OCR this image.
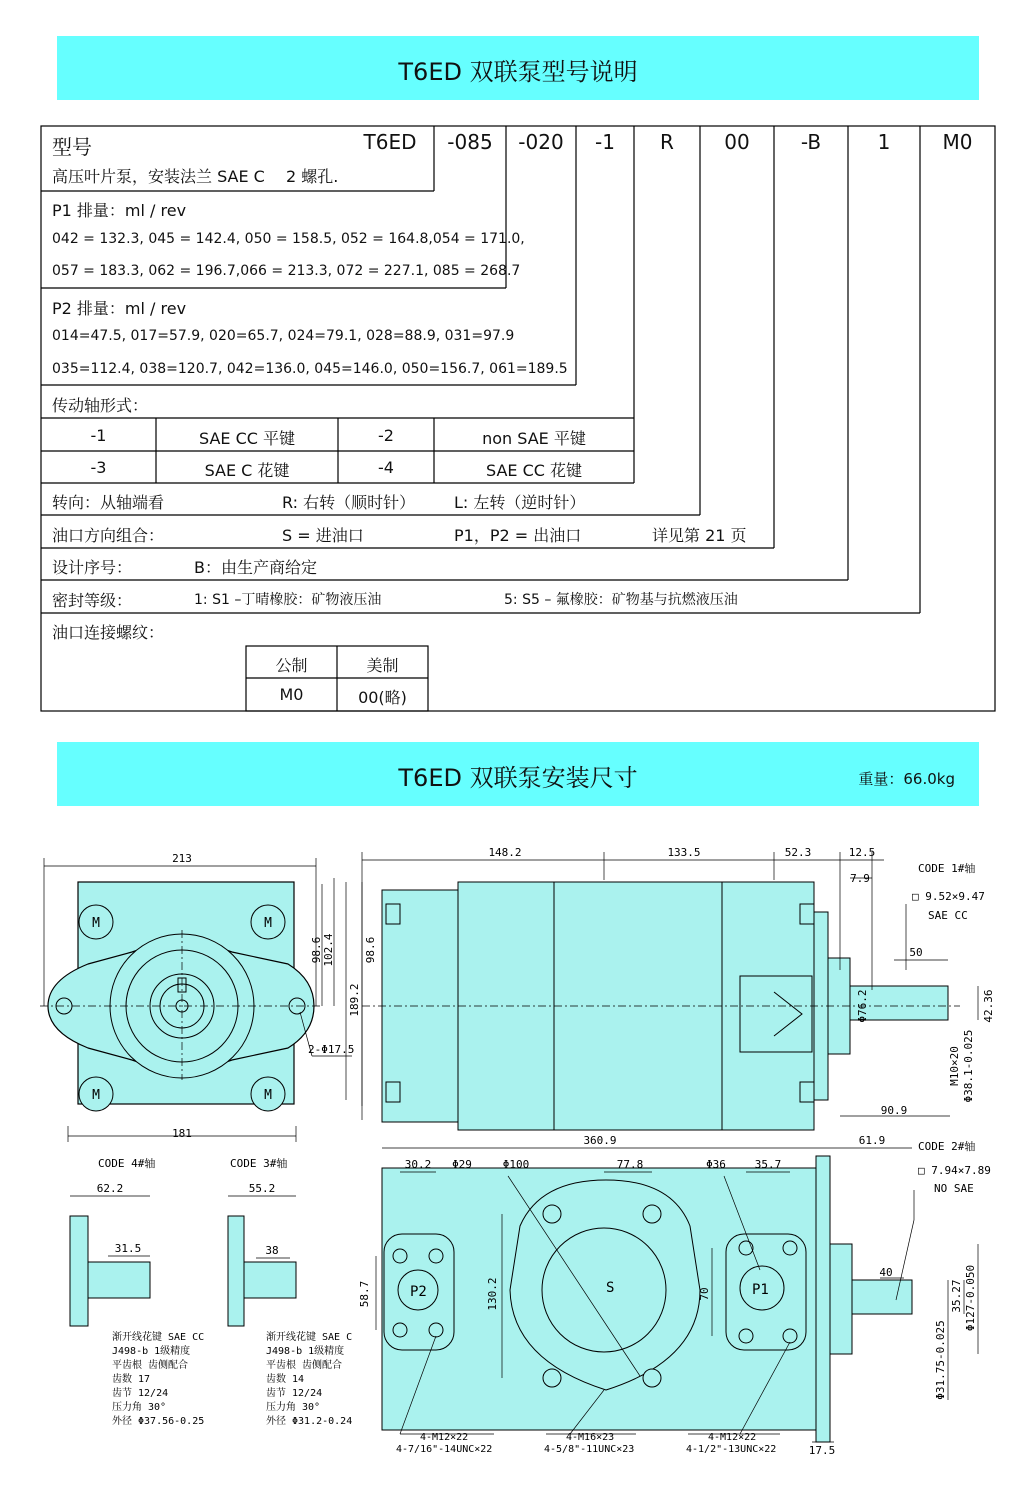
T6ED 双联泵型号说明
型号	T6ED	-085	-020	-1	R	00	-B	1	M0
高压叶片泵，安装法兰 SAE C　 2 螺孔.
P1 排量：ml / rev
042 = 132.3, 045 = 142.4, 050 = 158.5, 052 = 164.8,054 = 171.0,
057 = 183.3, 062 = 196.7,066 = 213.3, 072 = 227.1, 085 = 268.7
P2 排量：ml / rev
014=47.5, 017=57.9, 020=65.7, 024=79.1, 028=88.9, 031=97.9
035=112.4, 038=120.7, 042=136.0, 045=146.0, 050=156.7, 061=189.5
传动轴形式：
-1	SAE CC 平键	-2	non SAE 平键
-3	SAE C 花键	-4	SAE CC 花键
转向：从轴端看	R: 右转（顺时针） L: 左转（逆时针）
油口方向组合：	S = 进油口	P1，P2 = 出油口	详见第 21 页
设计序号：	B：由生产商给定
密封等级：	1: S1 –丁晴橡胶：矿物液压油	5: S5 – 氟橡胶：矿物基与抗燃液压油
油口连接螺纹：
公制	美制
M0	00(略)
T6ED 双联泵安装尺寸	重量：66.0kg
M	M
M	M
213
181
98.6 102.4
189.2
2-Φ17.5
148.2	133.5	52.3	12.5
7.9
98.6
Φ76.2
90.9
CODE 1#轴
□ 9.52×9.47
SAE CC
50
42.36
M10×20 Φ38.1-0.025
CODE 4#轴
62.2
31.5
渐开线花键 SAE CC
J498-b 1级精度
平齿根 齿侧配合
齿数 17
齿节 12/24
压力角 30°
外径 Φ37.56-0.25
CODE 3#轴
55.2
38
渐开线花键 SAE C
J498-b 1级精度
平齿根 齿侧配合
齿数 14
齿节 12/24
压力角 30°
外径 Φ31.2-0.24
360.9	61.9
30.2 Φ29	Φ100	77.8	Φ36	35.7
58.7	130.2	70
P2	S	P1
4-M12×22
4-7/16"-14UNC×22
4-M16×23
4-5/8"-11UNC×23
4-M12×22
4-1/2"-13UNC×22
40
35.27 Φ127-0.050
Φ31.75-0.025
17.5
CODE 2#轴
□ 7.94×7.89
NO SAE
